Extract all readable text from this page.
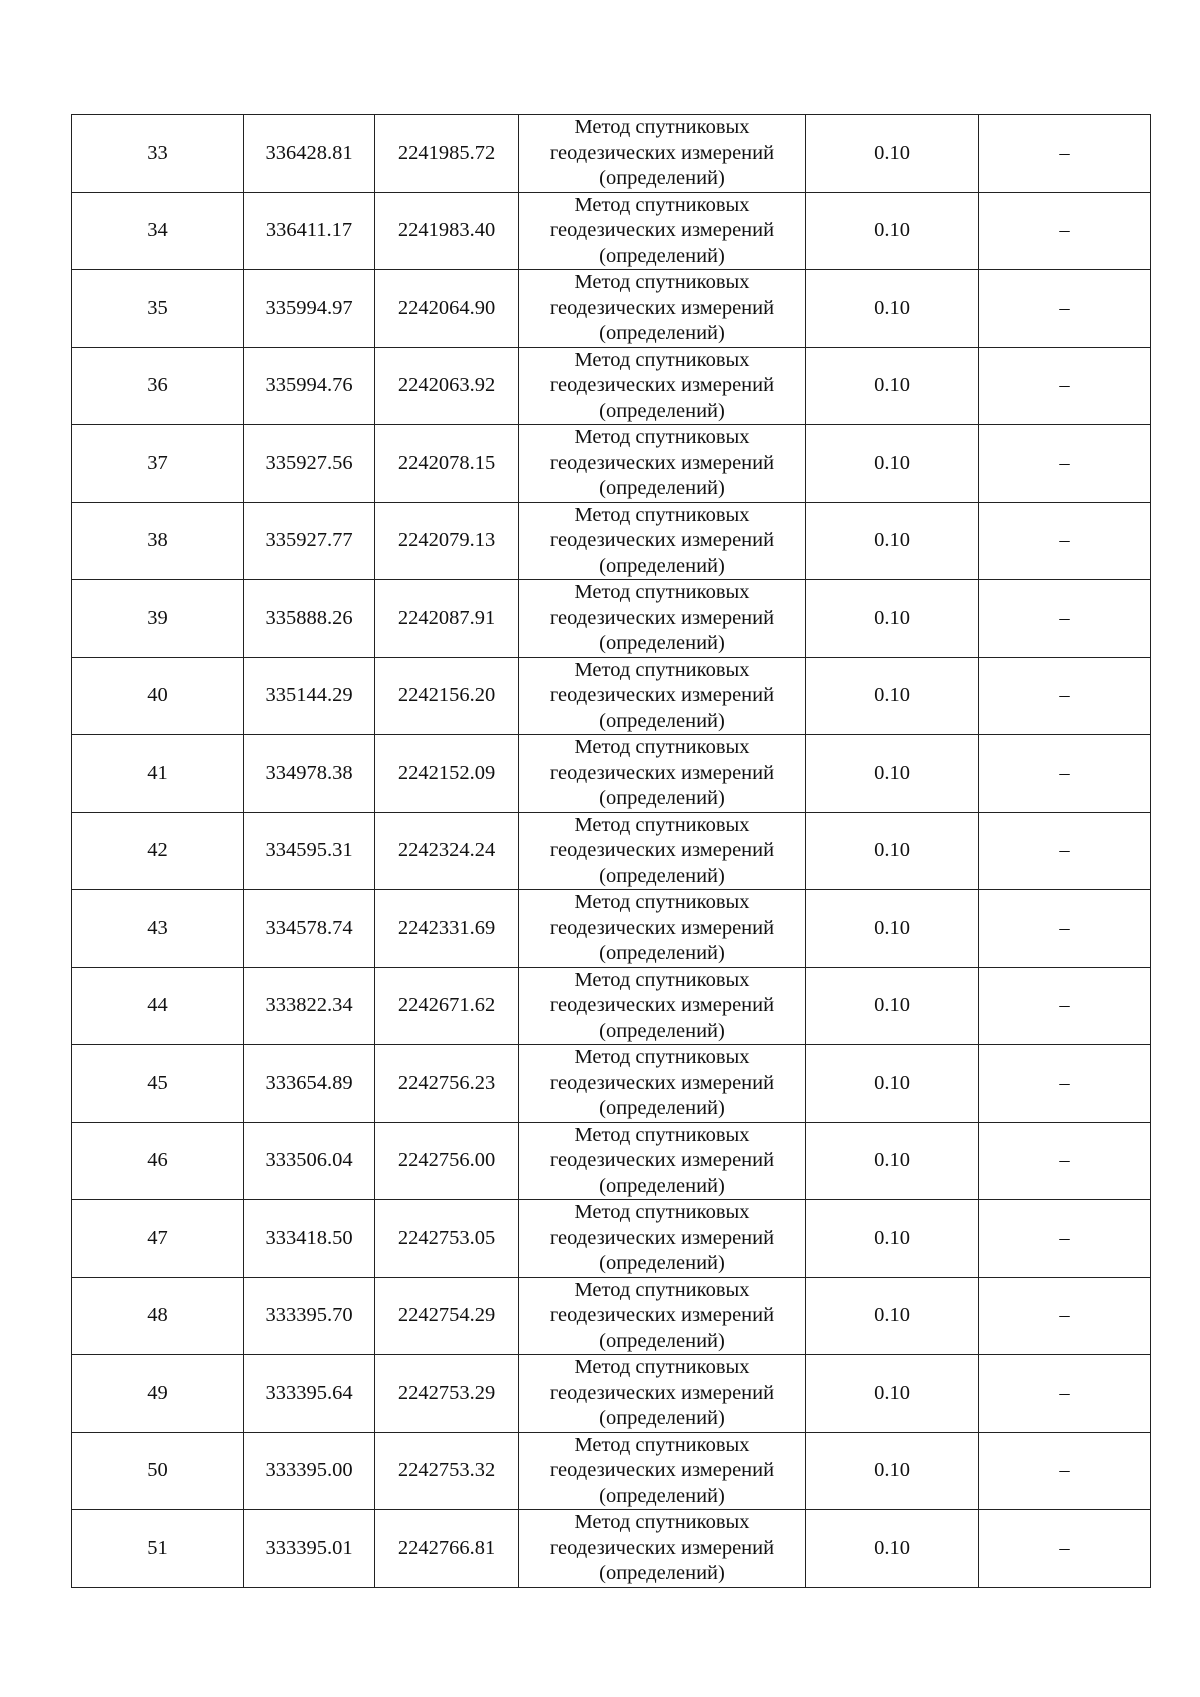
33	336428.81	2241985.72	Метод спутниковых
геодезических измерений
(определений)	0.10	–
34	336411.17	2241983.40	Метод спутниковых
геодезических измерений
(определений)	0.10	–
35	335994.97	2242064.90	Метод спутниковых
геодезических измерений
(определений)	0.10	–
36	335994.76	2242063.92	Метод спутниковых
геодезических измерений
(определений)	0.10	–
37	335927.56	2242078.15	Метод спутниковых
геодезических измерений
(определений)	0.10	–
38	335927.77	2242079.13	Метод спутниковых
геодезических измерений
(определений)	0.10	–
39	335888.26	2242087.91	Метод спутниковых
геодезических измерений
(определений)	0.10	–
40	335144.29	2242156.20	Метод спутниковых
геодезических измерений
(определений)	0.10	–
41	334978.38	2242152.09	Метод спутниковых
геодезических измерений
(определений)	0.10	–
42	334595.31	2242324.24	Метод спутниковых
геодезических измерений
(определений)	0.10	–
43	334578.74	2242331.69	Метод спутниковых
геодезических измерений
(определений)	0.10	–
44	333822.34	2242671.62	Метод спутниковых
геодезических измерений
(определений)	0.10	–
45	333654.89	2242756.23	Метод спутниковых
геодезических измерений
(определений)	0.10	–
46	333506.04	2242756.00	Метод спутниковых
геодезических измерений
(определений)	0.10	–
47	333418.50	2242753.05	Метод спутниковых
геодезических измерений
(определений)	0.10	–
48	333395.70	2242754.29	Метод спутниковых
геодезических измерений
(определений)	0.10	–
49	333395.64	2242753.29	Метод спутниковых
геодезических измерений
(определений)	0.10	–
50	333395.00	2242753.32	Метод спутниковых
геодезических измерений
(определений)	0.10	–
51	333395.01	2242766.81	Метод спутниковых
геодезических измерений
(определений)	0.10	–
